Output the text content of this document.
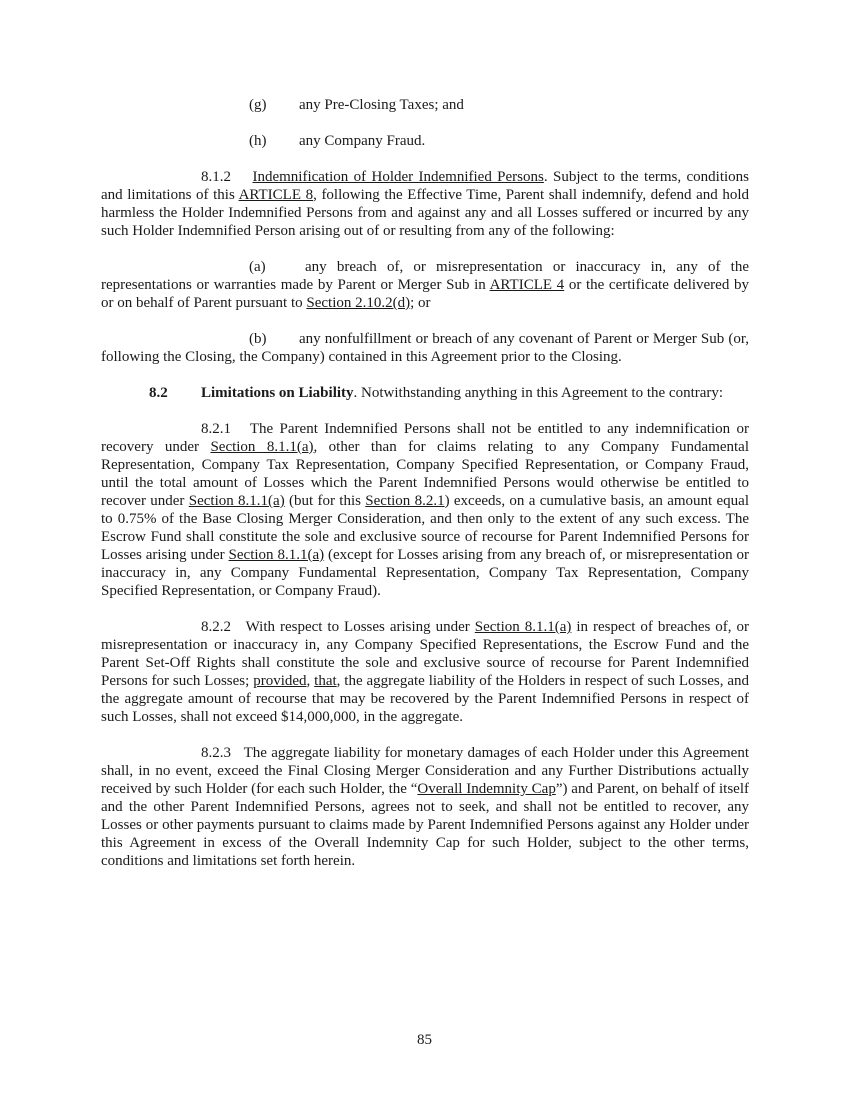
(g) any Pre-Closing Taxes; and

(h) any Company Fraud.

8.1.2 Indemnification of Holder Indemnified Persons. Subject to the terms, conditions and limitations of this ARTICLE 8, following the Effective Time, Parent shall indemnify, defend and hold harmless the Holder Indemnified Persons from and against any and all Losses suffered or incurred by any such Holder Indemnified Person arising out of or resulting from any of the following:

(a)	any breach of, or misrepresentation or inaccuracy in, any of the representations or warranties made by Parent or Merger Sub in ARTICLE 4 or the certificate delivered by or on behalf of Parent pursuant to Section 2.10.2(d); or

(b) any nonfulfillment or breach of any covenant of Parent or Merger Sub (or, following the Closing, the Company) contained in this Agreement prior to the Closing.

8.2 Limitations on Liability. Notwithstanding anything in this Agreement to the contrary:

8.2.1 The Parent Indemnified Persons shall not be entitled to any indemnification or recovery under Section 8.1.1(a), other than for claims relating to any Company Fundamental Representation, Company Tax Representation, Company Specified Representation, or Company Fraud, until the total amount of Losses which the Parent Indemnified Persons would otherwise be entitled to recover under Section 8.1.1(a) (but for this Section 8.2.1) exceeds, on a cumulative basis, an amount equal to 0.75% of the Base Closing Merger Consideration, and then only to the extent of any such excess. The Escrow Fund shall constitute the sole and exclusive source of recourse for Parent Indemnified Persons for Losses arising under Section 8.1.1(a) (except for Losses arising from any breach of, or misrepresentation or inaccuracy in, any Company Fundamental Representation, Company Tax Representation, Company Specified Representation, or Company Fraud).

8.2.2 With respect to Losses arising under Section 8.1.1(a) in respect of breaches of, or misrepresentation or inaccuracy in, any Company Specified Representations, the Escrow Fund and the Parent Set-Off Rights shall constitute the sole and exclusive source of recourse for Parent Indemnified Persons for such Losses; provided, that, the aggregate liability of the Holders in respect of such Losses, and the aggregate amount of recourse that may be recovered by the Parent Indemnified Persons in respect of such Losses, shall not exceed $14,000,000, in the aggregate.

8.2.3 The aggregate liability for monetary damages of each Holder under this Agreement shall, in no event, exceed the Final Closing Merger Consideration and any Further Distributions actually received by such Holder (for each such Holder, the “Overall Indemnity Cap”) and Parent, on behalf of itself and the other Parent Indemnified Persons, agrees not to seek, and shall not be entitled to recover, any Losses or other payments pursuant to claims made by Parent Indemnified Persons against any Holder under this Agreement in excess of the Overall Indemnity Cap for such Holder, subject to the other terms, conditions and limitations set forth herein.

85
